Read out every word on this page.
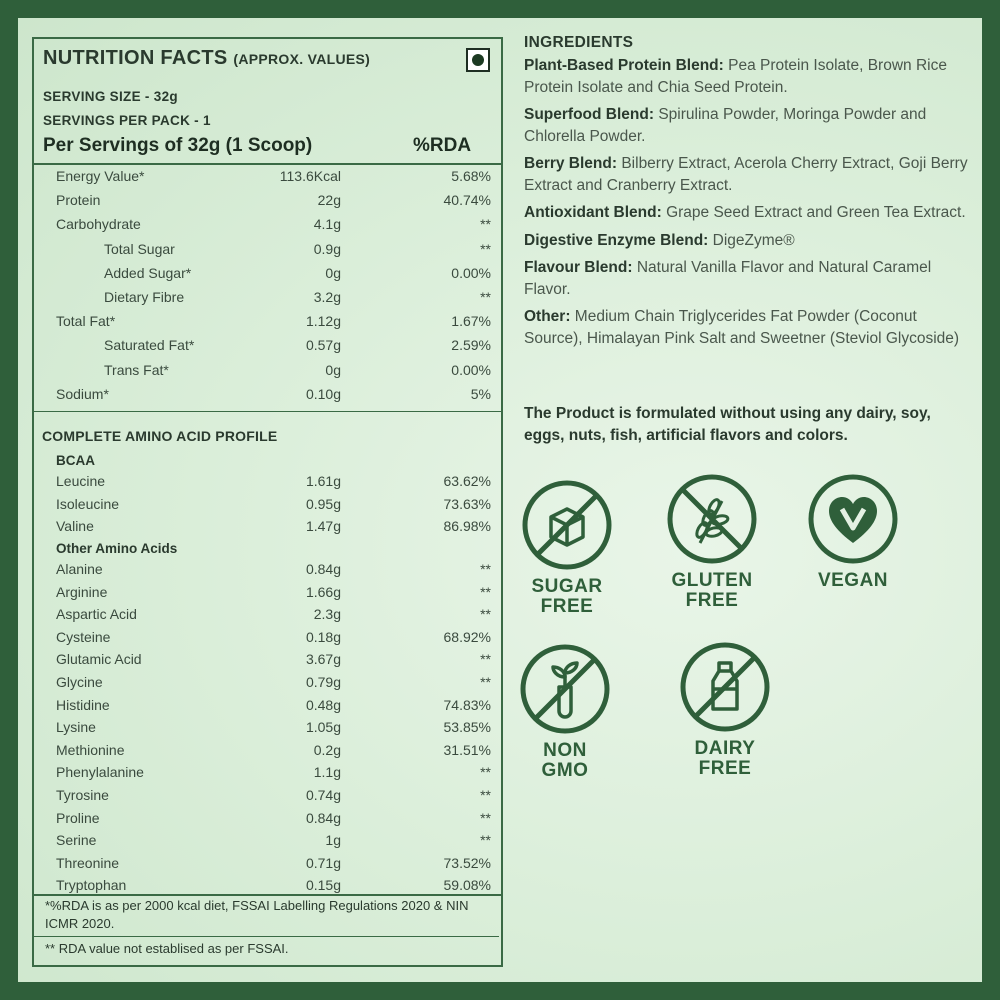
NUTRITION FACTS (APPROX. VALUES)
SERVING SIZE - 32g
SERVINGS PER PACK - 1
Per Servings of 32g (1 Scoop)	%RDA
Energy Value*	113.6Kcal	5.68%
Protein	22g	40.74%
Carbohydrate	4.1g	**
Total Sugar	0.9g	**
Added Sugar*	0g	0.00%
Dietary Fibre	3.2g	**
Total Fat*	1.12g	1.67%
Saturated Fat*	0.57g	2.59%
Trans Fat*	0g	0.00%
Sodium*	0.10g	5%
COMPLETE AMINO ACID PROFILE
BCAA
Leucine	1.61g	63.62%
Isoleucine	0.95g	73.63%
Valine	1.47g	86.98%
Other Amino Acids
Alanine	0.84g	**
Arginine	1.66g	**
Aspartic Acid	2.3g	**
Cysteine	0.18g	68.92%
Glutamic Acid	3.67g	**
Glycine	0.79g	**
Histidine	0.48g	74.83%
Lysine	1.05g	53.85%
Methionine	0.2g	31.51%
Phenylalanine	1.1g	**
Tyrosine	0.74g	**
Proline	0.84g	**
Serine	1g	**
Threonine	0.71g	73.52%
Tryptophan	0.15g	59.08%
*%RDA is as per 2000 kcal diet, FSSAI Labelling Regulations 2020 & NIN ICMR 2020.
** RDA value not establised as per FSSAI.
INGREDIENTS
Plant-Based Protein Blend: Pea Protein Isolate, Brown Rice Protein Isolate and Chia Seed Protein.
Superfood Blend: Spirulina Powder, Moringa Powder and Chlorella Powder.
Berry Blend: Bilberry Extract, Acerola Cherry Extract, Goji Berry Extract and Cranberry Extract.
Antioxidant Blend: Grape Seed Extract and Green Tea Extract.
Digestive Enzyme Blend: DigeZyme®
Flavour Blend: Natural Vanilla Flavor and Natural Caramel Flavor.
Other: Medium Chain Triglycerides Fat Powder (Coconut Source), Himalayan Pink Salt and Sweetner (Steviol Glycoside)
The Product is formulated without using any dairy, soy, eggs, nuts, fish, artificial flavors and colors.
SUGAR
FREE
GLUTEN
FREE
VEGAN
NON
GMO
DAIRY
FREE
